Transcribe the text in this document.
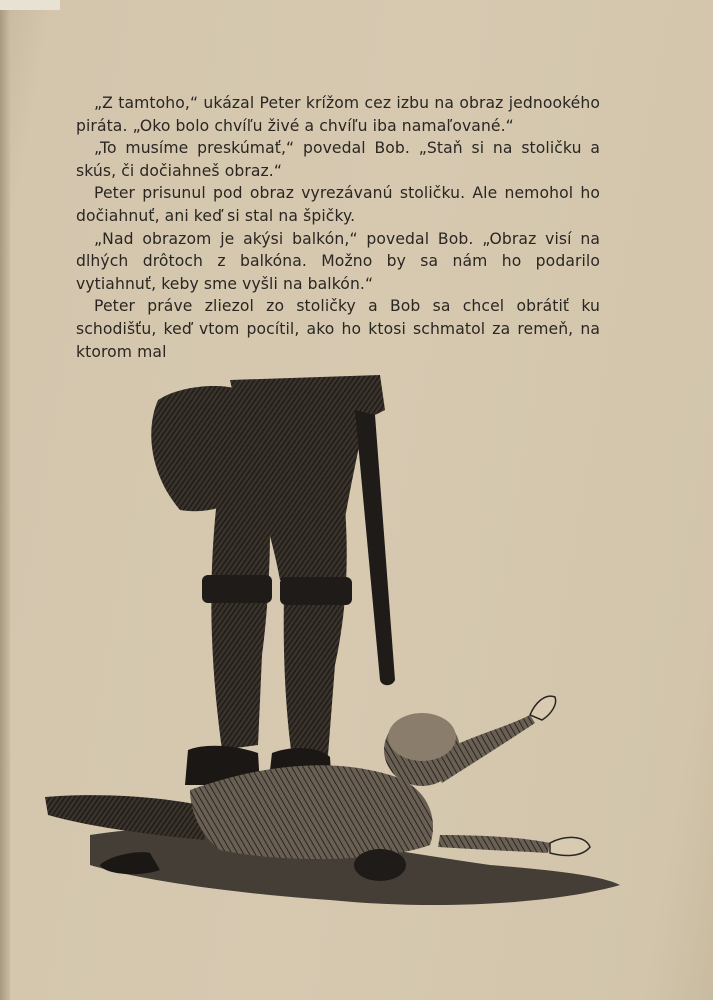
„Z tamtoho,“ ukázal Peter krížom cez izbu na obraz jednookého piráta. „Oko bolo chvíľu živé a chvíľu iba namaľované.“

„To musíme preskúmať,“ povedal Bob. „Staň si na stoličku a skús, či dočiahneš obraz.“

Peter prisunul pod obraz vyrezávanú stoličku. Ale nemohol ho dočiahnuť, ani keď si stal na špičky.

„Nad obrazom je akýsi balkón,“ povedal Bob. „Obraz visí na dlhých drôtoch z balkóna. Možno by sa nám ho podarilo vytiahnuť, keby sme vyšli na balkón.“

Peter práve zliezol zo stoličky a Bob sa chcel obrátiť ku schodišťu, keď vtom pocítil, ako ho ktosi schmatol za remeň, na ktorom mal
